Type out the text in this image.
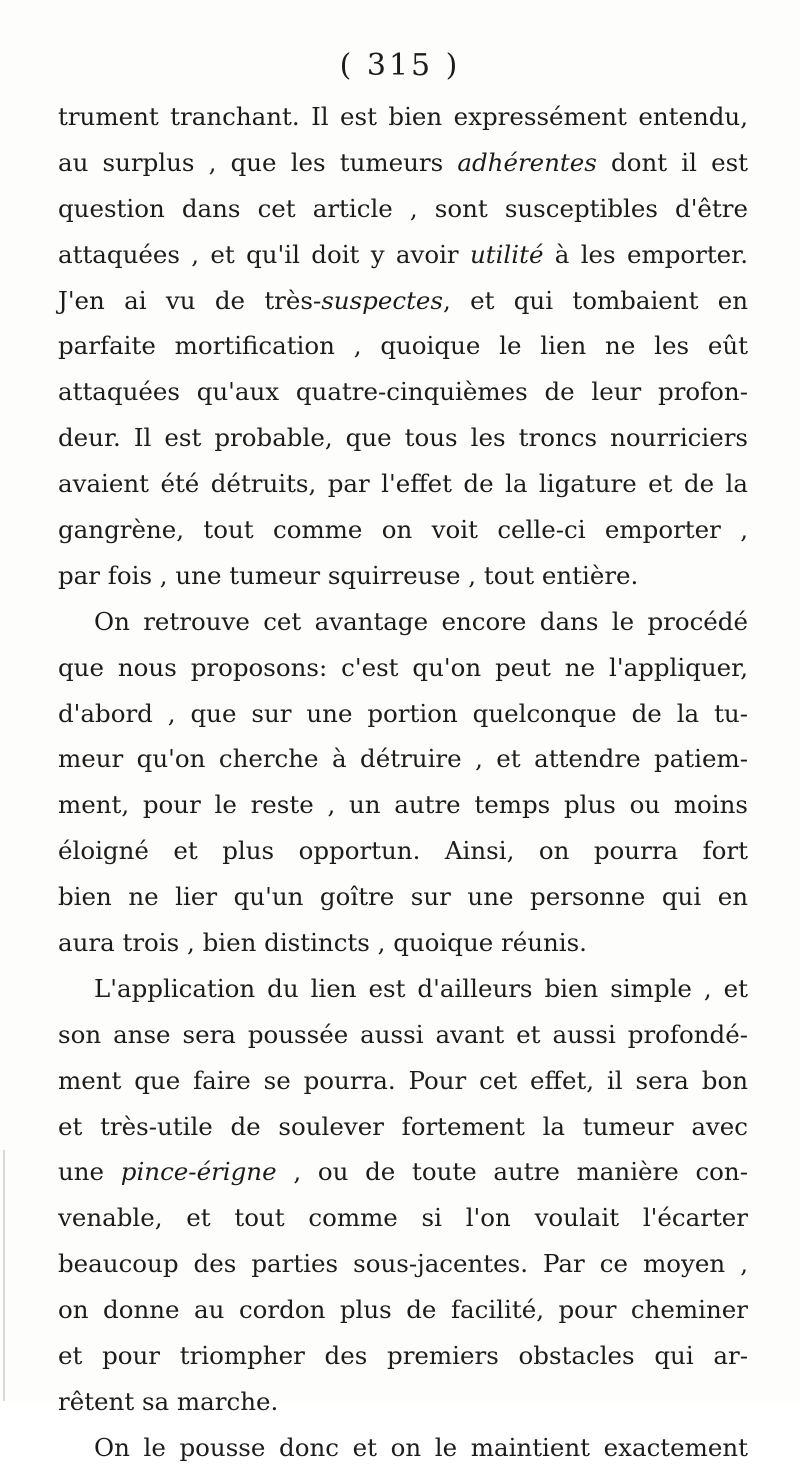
( 315 )
trument tranchant. Il est bien expressément entendu,
au surplus , que les tumeurs adhérentes dont il est
question dans cet article , sont susceptibles d'être
attaquées , et qu'il doit y avoir utilité à les emporter.
J'en ai vu de très-suspectes, et qui tombaient en
parfaite mortification , quoique le lien ne les eût
attaquées qu'aux quatre-cinquièmes de leur profon-
deur. Il est probable, que tous les troncs nourriciers
avaient été détruits, par l'effet de la ligature et de la
gangrène, tout comme on voit celle-ci emporter ,
par fois , une tumeur squirreuse , tout entière.
On retrouve cet avantage encore dans le procédé
que nous proposons: c'est qu'on peut ne l'appliquer,
d'abord , que sur une portion quelconque de la tu-
meur qu'on cherche à détruire , et attendre patiem-
ment, pour le reste , un autre temps plus ou moins
éloigné et plus opportun. Ainsi, on pourra fort
bien ne lier qu'un goître sur une personne qui en
aura trois , bien distincts , quoique réunis.
L'application du lien est d'ailleurs bien simple , et
son anse sera poussée aussi avant et aussi profondé-
ment que faire se pourra. Pour cet effet, il sera bon
et très-utile de soulever fortement la tumeur avec
une pince-érigne , ou de toute autre manière con-
venable, et tout comme si l'on voulait l'écarter
beaucoup des parties sous-jacentes. Par ce moyen ,
on donne au cordon plus de facilité, pour cheminer
et pour triompher des premiers obstacles qui ar-
rêtent sa marche.
On le pousse donc et on le maintient exactement
